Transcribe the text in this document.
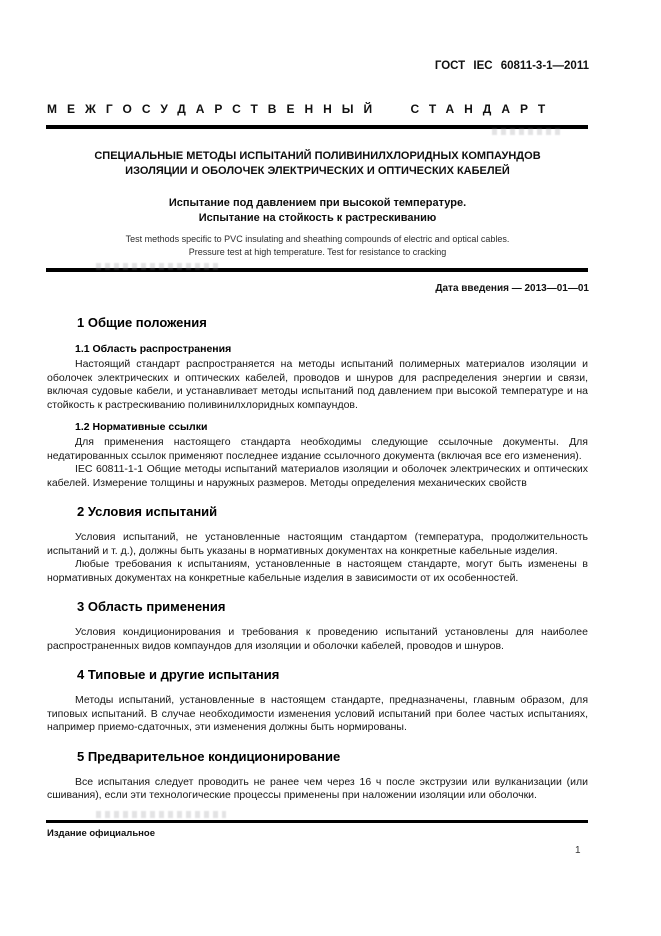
ГОСТ IEC 60811-3-1—2011
МЕЖГОСУДАРСТВЕННЫЙ СТАНДАРТ
СПЕЦИАЛЬНЫЕ МЕТОДЫ ИСПЫТАНИЙ ПОЛИВИНИЛХЛОРИДНЫХ КОМПАУНДОВ
ИЗОЛЯЦИИ И ОБОЛОЧЕК ЭЛЕКТРИЧЕСКИХ И ОПТИЧЕСКИХ КАБЕЛЕЙ
Испытание под давлением при высокой температуре.
Испытание на стойкость к растрескиванию
Test methods specific to PVC insulating and sheathing compounds of electric and optical cables.
Pressure test at high temperature. Test for resistance to cracking
Дата введения — 2013—01—01
1 Общие положения
1.1 Область распространения

Настоящий стандарт распространяется на методы испытаний полимерных материалов изоляции и оболочек электрических и оптических кабелей, проводов и шнуров для распределения энергии и связи, включая судовые кабели, и устанавливает методы испытаний под давлением при высокой температуре и на стойкость к растрескиванию поливинилхлоридных компаундов.

1.2 Нормативные ссылки

Для применения настоящего стандарта необходимы следующие ссылочные документы. Для недатированных ссылок применяют последнее издание ссылочного документа (включая все его изменения).

IEC 60811-1-1 Общие методы испытаний материалов изоляции и оболочек электрических и оптических кабелей. Измерение толщины и наружных размеров. Методы определения механических свойств

2 Условия испытаний

Условия испытаний, не установленные настоящим стандартом (температура, продолжительность испытаний и т. д.), должны быть указаны в нормативных документах на конкретные кабельные изделия.

Любые требования к испытаниям, установленные в настоящем стандарте, могут быть изменены в нормативных документах на конкретные кабельные изделия в зависимости от их особенностей.

3 Область применения

Условия кондиционирования и требования к проведению испытаний установлены для наиболее распространенных видов компаундов для изоляции и оболочки кабелей, проводов и шнуров.

4 Типовые и другие испытания

Методы испытаний, установленные в настоящем стандарте, предназначены, главным образом, для типовых испытаний. В случае необходимости изменения условий испытаний при более частых испытаниях, например приемо-сдаточных, эти изменения должны быть нормированы.

5 Предварительное кондиционирование

Все испытания следует проводить не ранее чем через 16 ч после экструзии или вулканизации (или сшивания), если эти технологические процессы применены при наложении изоляции или оболочки.

Издание официальное
1
